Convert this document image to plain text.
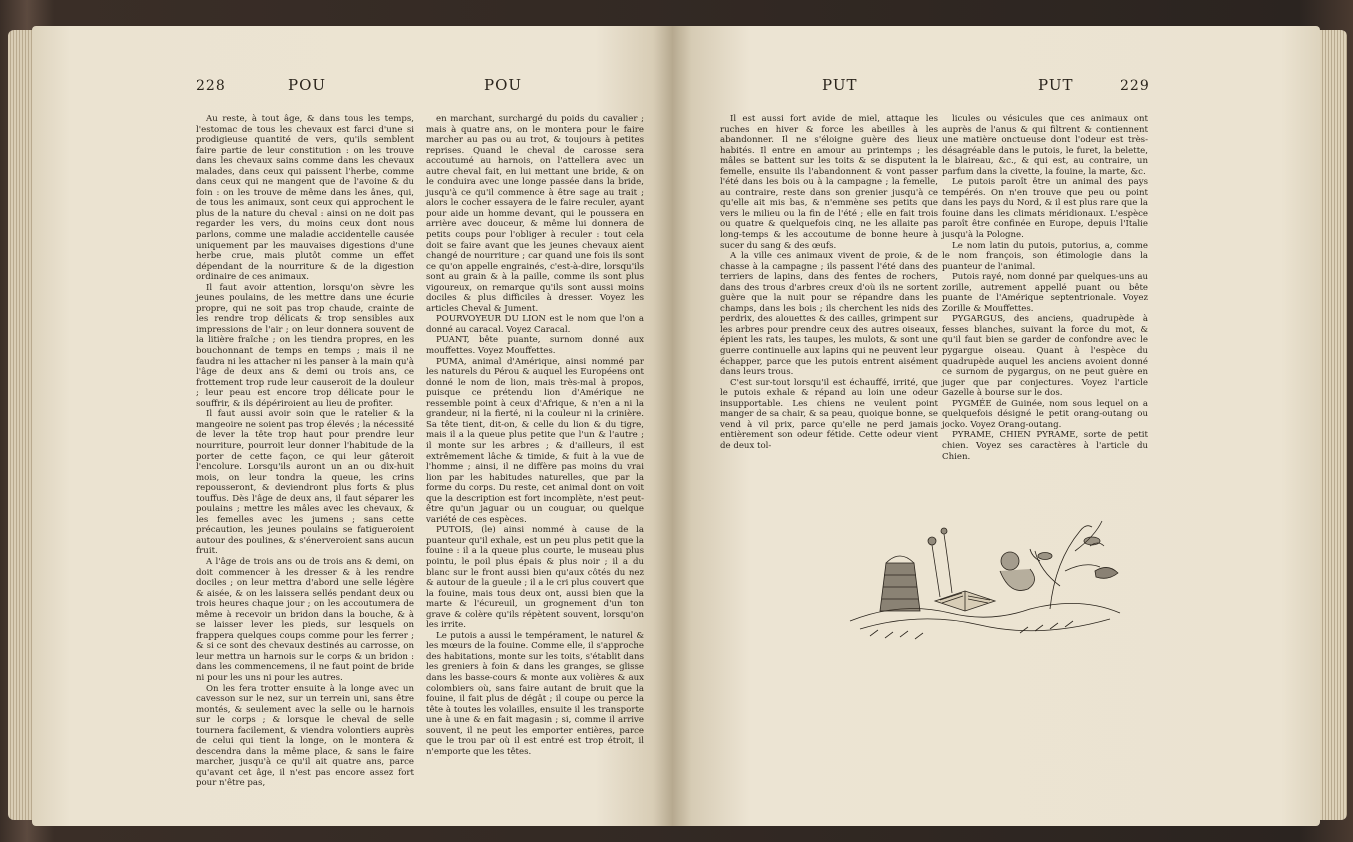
228	POU	POU

Au reste, à tout âge, & dans tous les temps, l'estomac de tous les chevaux est farci d'une si prodigieuse quantité de vers, qu'ils semblent faire partie de leur constitution : on les trouve dans les chevaux sains comme dans les chevaux malades, dans ceux qui paissent l'herbe, comme dans ceux qui ne mangent que de l'avoine & du foin : on les trouve de même dans les ânes, qui, de tous les animaux, sont ceux qui approchent le plus de la nature du cheval : ainsi on ne doit pas regarder les vers, du moins ceux dont nous parlons, comme une maladie accidentelle causée uniquement par les mauvaises digestions d'une herbe crue, mais plutôt comme un effet dépendant de la nourriture & de la digestion ordinaire de ces animaux.

Il faut avoir attention, lorsqu'on sèvre les jeunes poulains, de les mettre dans une écurie propre, qui ne soit pas trop chaude, crainte de les rendre trop délicats & trop sensibles aux impressions de l'air ; on leur donnera souvent de la litière fraîche ; on les tiendra propres, en les bouchonnant de temps en temps ; mais il ne faudra ni les attacher ni les panser à la main qu'à l'âge de deux ans & demi ou trois ans, ce frottement trop rude leur causeroit de la douleur ; leur peau est encore trop délicate pour le souffrir, & ils dépériroient au lieu de profiter.

Il faut aussi avoir soin que le ratelier & la mangeoire ne soient pas trop élevés ; la nécessité de lever la tête trop haut pour prendre leur nourriture, pourroit leur donner l'habitude de la porter de cette façon, ce qui leur gâteroit l'encolure. Lorsqu'ils auront un an ou dix-huit mois, on leur tondra la queue, les crins repousseront, & deviendront plus forts & plus touffus. Dès l'âge de deux ans, il faut séparer les poulains ; mettre les mâles avec les chevaux, & les femelles avec les jumens ; sans cette précaution, les jeunes poulains se fatigueroient autour des poulines, & s'énerveroient sans aucun fruit.

A l'âge de trois ans ou de trois ans & demi, on doit commencer à les dresser & à les rendre dociles ; on leur mettra d'abord une selle légère & aisée, & on les laissera sellés pendant deux ou trois heures chaque jour ; on les accoutumera de même à recevoir un bridon dans la bouche, & à se laisser lever les pieds, sur lesquels on frappera quelques coups comme pour les ferrer ; & si ce sont des chevaux destinés au carrosse, on leur mettra un harnois sur le corps & un bridon : dans les commencemens, il ne faut point de bride ni pour les uns ni pour les autres.

On les fera trotter ensuite à la longe avec un cavesson sur le nez, sur un terrein uni, sans être montés, & seulement avec la selle ou le harnois sur le corps ; & lorsque le cheval de selle tournera facilement, & viendra volontiers auprès de celui qui tient la longe, on le montera & descendra dans la même place, & sans le faire marcher, jusqu'à ce qu'il ait quatre ans, parce qu'avant cet âge, il n'est pas encore assez fort pour n'être pas,

en marchant, surchargé du poids du cavalier ; mais à quatre ans, on le montera pour le faire marcher au pas ou au trot, & toujours à petites reprises. Quand le cheval de carosse sera accoutumé au harnois, on l'attellera avec un autre cheval fait, en lui mettant une bride, & on le conduira avec une longe passée dans la bride, jusqu'à ce qu'il commence à être sage au trait ; alors le cocher essayera de le faire reculer, ayant pour aide un homme devant, qui le poussera en arrière avec douceur, & même lui donnera de petits coups pour l'obliger à reculer : tout cela doit se faire avant que les jeunes chevaux aient changé de nourriture ; car quand une fois ils sont ce qu'on appelle engrainés, c'est-à-dire, lorsqu'ils sont au grain & à la paille, comme ils sont plus vigoureux, on remarque qu'ils sont aussi moins dociles & plus difficiles à dresser. Voyez les articles Cheval & Jument.

POURVOYEUR DU LION est le nom que l'on a donné au caracal. Voyez Caracal.

PUANT, bête puante, surnom donné aux mouffettes. Voyez Mouffettes.

PUMA, animal d'Amérique, ainsi nommé par les naturels du Pérou & auquel les Européens ont donné le nom de lion, mais très-mal à propos, puisque ce prétendu lion d'Amérique ne ressemble point à ceux d'Afrique, & n'en a ni la grandeur, ni la fierté, ni la couleur ni la crinière. Sa tête tient, dit-on, & celle du lion & du tigre, mais il a la queue plus petite que l'un & l'autre ; il monte sur les arbres ; & d'ailleurs, il est extrêmement lâche & timide, & fuit à la vue de l'homme ; ainsi, il ne diffère pas moins du vrai lion par les habitudes naturelles, que par la forme du corps. Du reste, cet animal dont on voit que la description est fort incomplète, n'est peut-être qu'un jaguar ou un couguar, ou quelque variété de ces espèces.

PUTOIS, (le) ainsi nommé à cause de la puanteur qu'il exhale, est un peu plus petit que la fouine : il a la queue plus courte, le museau plus pointu, le poil plus épais & plus noir ; il a du blanc sur le front aussi bien qu'aux côtés du nez & autour de la gueule ; il a le cri plus couvert que la fouine, mais tous deux ont, aussi bien que la marte & l'écureuil, un grognement d'un ton grave & colère qu'ils répètent souvent, lorsqu'on les irrite.

Le putois a aussi le tempérament, le naturel & les mœurs de la fouine. Comme elle, il s'approche des habitations, monte sur les toits, s'établit dans les greniers à foin & dans les granges, se glisse dans les basse-cours & monte aux volières & aux colombiers où, sans faire autant de bruit que la fouine, il fait plus de dégât ; il coupe ou perce la tête à toutes les volailles, ensuite il les transporte une à une & en fait magasin ; si, comme il arrive souvent, il ne peut les emporter entières, parce que le trou par où il est entré est trop étroit, il n'emporte que les têtes.

PUT	PUT	229

Il est aussi fort avide de miel, attaque les ruches en hiver & force les abeilles à les abandonner. Il ne s'éloigne guère des lieux habités. Il entre en amour au printemps ; les mâles se battent sur les toits & se disputent la femelle, ensuite ils l'abandonnent & vont passer l'été dans les bois ou à la campagne ; la femelle, au contraire, reste dans son grenier jusqu'à ce qu'elle ait mis bas, & n'emmène ses petits que vers le milieu ou la fin de l'été ; elle en fait trois ou quatre & quelquefois cinq, ne les allaite pas long-temps & les accoutume de bonne heure à sucer du sang & des œufs.

A la ville ces animaux vivent de proie, & de chasse à la campagne ; ils passent l'été dans des terriers de lapins, dans des fentes de rochers, dans des trous d'arbres creux d'où ils ne sortent guère que la nuit pour se répandre dans les champs, dans les bois ; ils cherchent les nids des perdrix, des alouettes & des cailles, grimpent sur les arbres pour prendre ceux des autres oiseaux, épient les rats, les taupes, les mulots, & sont une guerre continuelle aux lapins qui ne peuvent leur échapper, parce que les putois entrent aisément dans leurs trous.

C'est sur-tout lorsqu'il est échauffé, irrité, que le putois exhale & répand au loin une odeur insupportable. Les chiens ne veulent point manger de sa chair, & sa peau, quoique bonne, se vend à vil prix, parce qu'elle ne perd jamais entièrement son odeur fétide. Cette odeur vient de deux tol-

licules ou vésicules que ces animaux ont auprès de l'anus & qui filtrent & contiennent une matière onctueuse dont l'odeur est très-désagréable dans le putois, le furet, la belette, le blaireau, &c., & qui est, au contraire, un parfum dans la civette, la fouine, la marte, &c.

Le putois paroît être un animal des pays tempérés. On n'en trouve que peu ou point dans les pays du Nord, & il est plus rare que la fouine dans les climats méridionaux. L'espèce paroît être confinée en Europe, depuis l'Italie jusqu'à la Pologne.

Le nom latin du putois, putorius, a, comme le nom françois, son étimologie dans la puanteur de l'animal.

Putois rayé, nom donné par quelques-uns au zorille, autrement appellé puant ou bête puante de l'Amérique septentrionale. Voyez Zorille & Mouffettes.

PYGARGUS, des anciens, quadrupède à fesses blanches, suivant la force du mot, & qu'il faut bien se garder de confondre avec le pygargue oiseau. Quant à l'espèce du quadrupède auquel les anciens avoient donné ce surnom de pygargus, on ne peut guère en juger que par conjectures. Voyez l'article Gazelle à bourse sur le dos.

PYGMÉE de Guinée, nom sous lequel on a quelquefois désigné le petit orang-outang ou jocko. Voyez Orang-outang.

PYRAME, CHIEN PYRAME, sorte de petit chien. Voyez ses caractères à l'article du Chien.
